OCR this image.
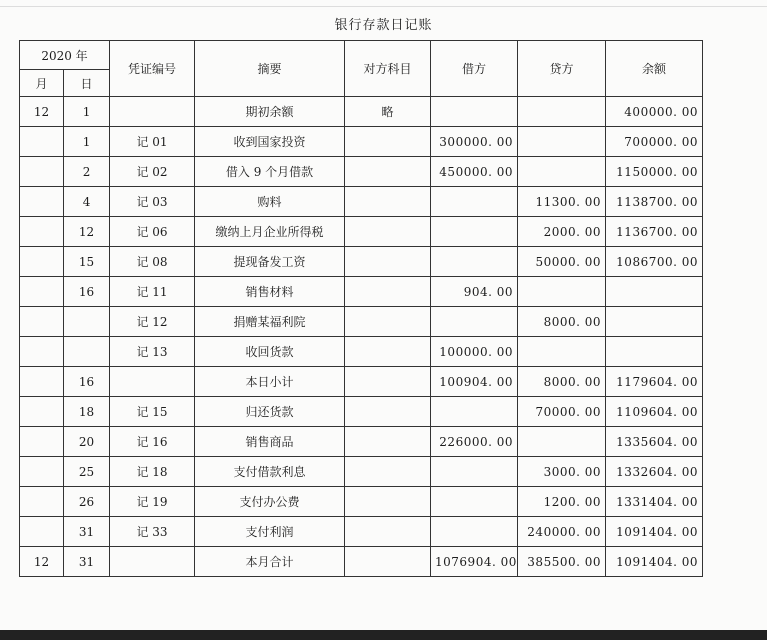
银行存款日记账
2020 年		凭证编号	摘要	对方科目	借方	贷方	余额
月	日						
12	1		期初余额	略			400000. 00
	1	记 01	收到国家投资		300000. 00		700000. 00
	2	记 02	借入 9 个月借款		450000. 00		1150000. 00
	4	记 03	购料			11300. 00	1138700. 00
	12	记 06	缴纳上月企业所得税			2000. 00	1136700. 00
	15	记 08	提现备发工资			50000. 00	1086700. 00
	16	记 11	销售材料		904. 00		
		记 12	捐赠某福利院			8000. 00	
		记 13	收回货款		100000. 00		
	16		本日小计		100904. 00	8000. 00	1179604. 00
	18	记 15	归还货款			70000. 00	1109604. 00
	20	记 16	销售商品		226000. 00		1335604. 00
	25	记 18	支付借款利息			3000. 00	1332604. 00
	26	记 19	支付办公费			1200. 00	1331404. 00
	31	记 33	支付利润			240000. 00	1091404. 00
12	31		本月合计		1076904. 00	385500. 00	1091404. 00
